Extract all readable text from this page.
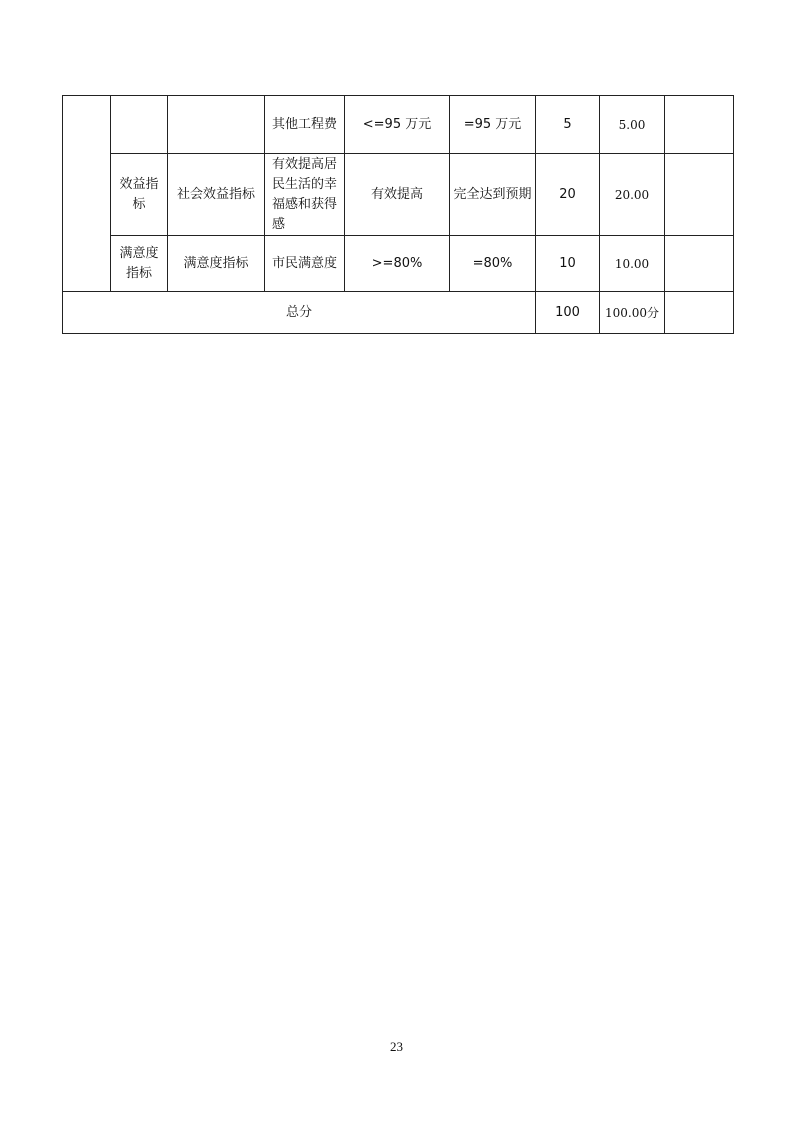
			其他工程费	<=95 万元	=95 万元	5	5.00	
	效益指标	社会效益指标	有效提高居民生活的幸福感和获得感	有效提高	完全达到预期	20	20.00	
	满意度指标	满意度指标	市民满意度	>=80%	=80%	10	10.00	
总分						100	100.00分	
23
